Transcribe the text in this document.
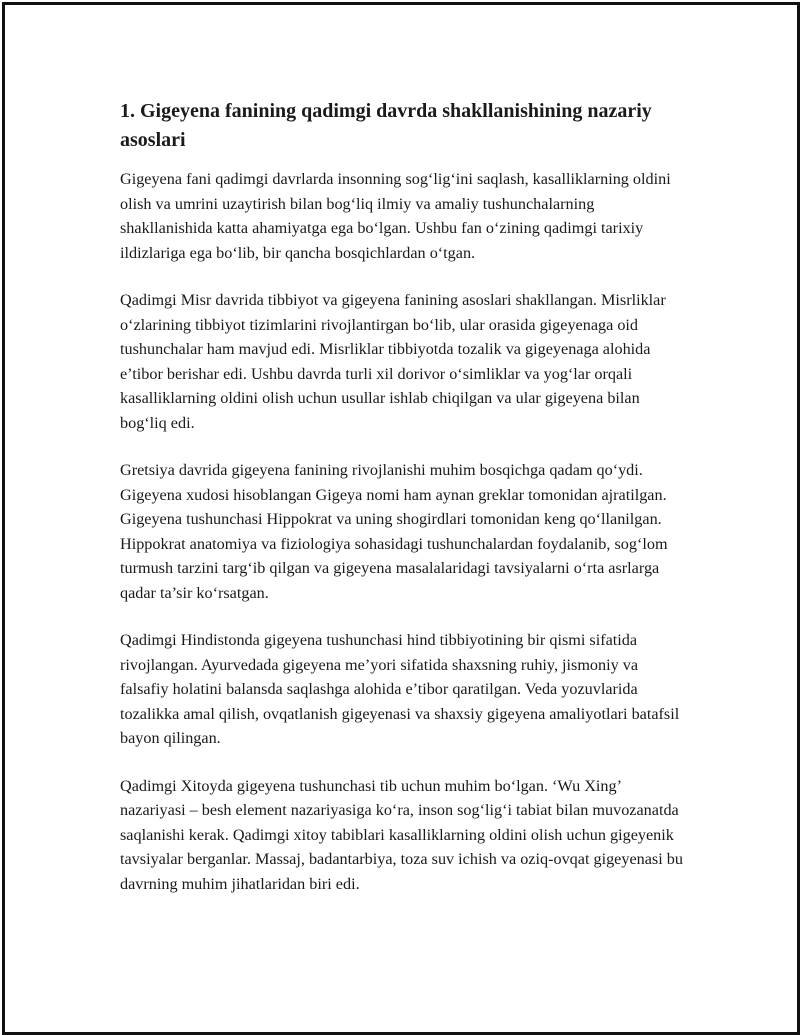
1. Gigeyena fanining qadimgi davrda shakllanishining nazariy asoslari

Gigeyena fani qadimgi davrlarda insonning sog‘lig‘ini saqlash, kasalliklarning oldini olish va umrini uzaytirish bilan bog‘liq ilmiy va amaliy tushunchalarning shakllanishida katta ahamiyatga ega bo‘lgan. Ushbu fan o‘zining qadimgi tarixiy ildizlariga ega bo‘lib, bir qancha bosqichlardan o‘tgan.

Qadimgi Misr davrida tibbiyot va gigeyena fanining asoslari shakllangan. Misrliklar o‘zlarining tibbiyot tizimlarini rivojlantirgan bo‘lib, ular orasida gigeyenaga oid tushunchalar ham mavjud edi. Misrliklar tibbiyotda tozalik va gigeyenaga alohida e’tibor berishar edi. Ushbu davrda turli xil dorivor o‘simliklar va yog‘lar orqali kasalliklarning oldini olish uchun usullar ishlab chiqilgan va ular gigeyena bilan bog‘liq edi.

Gretsiya davrida gigeyena fanining rivojlanishi muhim bosqichga qadam qo‘ydi. Gigeyena xudosi hisoblangan Gigeya nomi ham aynan greklar tomonidan ajratilgan. Gigeyena tushunchasi Hippokrat va uning shogirdlari tomonidan keng qo‘llanilgan. Hippokrat anatomiya va fiziologiya sohasidagi tushunchalardan foydalanib, sog‘lom turmush tarzini targ‘ib qilgan va gigeyena masalalaridagi tavsiyalarni o‘rta asrlarga qadar ta’sir ko‘rsatgan.

Qadimgi Hindistonda gigeyena tushunchasi hind tibbiyotining bir qismi sifatida rivojlangan. Ayurvedada gigeyena me’yori sifatida shaxsning ruhiy, jismoniy va falsafiy holatini balansda saqlashga alohida e’tibor qaratilgan. Veda yozuvlarida tozalikka amal qilish, ovqatlanish gigeyenasi va shaxsiy gigeyena amaliyotlari batafsil bayon qilingan.

Qadimgi Xitoyda gigeyena tushunchasi tib uchun muhim bo‘lgan. ‘Wu Xing’ nazariyasi – besh element nazariyasiga ko‘ra, inson sog‘lig‘i tabiat bilan muvozanatda saqlanishi kerak. Qadimgi xitoy tabiblari kasalliklarning oldini olish uchun gigeyenik tavsiyalar berganlar. Massaj, badantarbiya, toza suv ichish va oziq-ovqat gigeyenasi bu davrning muhim jihatlaridan biri edi.
